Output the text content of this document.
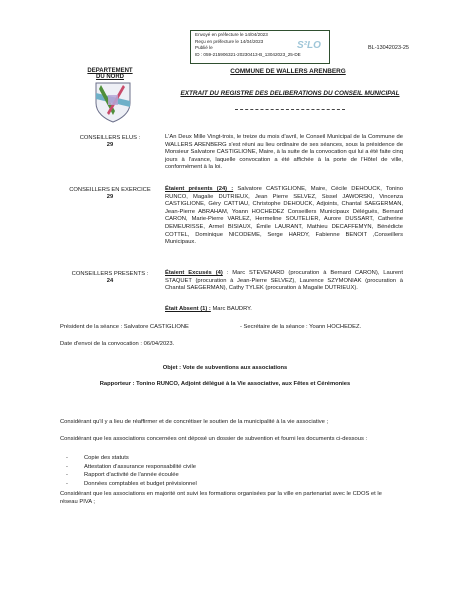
Envoyé en préfecture le 14/04/2023
Reçu en préfecture le 14/04/2023
Publié le
ID : 059-215906321-20230413-B_13042023_25-DE
S²LO	BL-13042023-25
DEPARTEMENT DU NORD
COMMUNE DE WALLERS ARENBERG
EXTRAIT DU REGISTRE DES DELIBERATIONS DU CONSEIL MUNICIPAL
CONSEILLERS ELUS :
29
L'An Deux Mille Vingt-trois, le treize du mois d'avril, le Conseil Municipal de la Commune de WALLERS ARENBERG s'est réuni au lieu ordinaire de ses séances, sous la présidence de Monsieur Salvatore CASTIGLIONE, Maire, à la suite de la convocation qui lui a été faite cinq jours à l'avance, laquelle convocation a été affichée à la porte de l'Hôtel de ville, conformément à la loi.
CONSEILLERS EN EXERCICE
29
Étaient présents (24) : Salvatore CASTIGLIONE, Maire, Cécile DEHOUCK, Tonino RUNCO, Magalie DUTRIEUX, Jean Pierre SELVEZ, Sissel JAWORSKI, Vincenza CASTIGLIONE, Géry CATTIAU, Christophe DEHOUCK, Adjoints, Chantal SAEGERMAN, Jean-Pierre ABRAHAM, Yoann HOCHEDEZ Conseillers Municipaux Délégués, Bernard CARON, Marie-Pierre VARLEZ, Hermeline SOUTELIER, Aurore DUSSART, Catherine DEMEURISSE, Armel BISIAUX, Émile LAURANT, Mathieu DECAFFEMYN, Bénédicte COTTEL, Dominique NICODEME, Serge HARDY, Fabienne BENOIT ,Conseillers Municipaux.
CONSEILLERS PRESENTS :
24
Étaient Excusés (4) : Marc STEVENARD (procuration à Bernard CARON), Laurent STAQUET (procuration à Jean-Pierre SELVEZ), Laurence SZYMONIAK (procuration à Chantal SAEGERMAN), Cathy TYLEK (procuration à Magalie DUTRIEUX).
Était Absent (1) : Marc BAUDRY.
Président de la séance : Salvatore CASTIGLIONE	- Secrétaire de la séance : Yoann HOCHEDEZ.
Date d'envoi de la convocation : 06/04/2023.
Objet : Vote de subventions aux associations
Rapporteur : Tonino RUNCO, Adjoint délégué à la Vie associative, aux Fêtes et Cérémonies
Considérant qu'il y a lieu de réaffirmer et de concrétiser le soutien de la municipalité à la vie associative ;
Considérant que les associations concernées ont déposé un dossier de subvention et fourni les documents ci-dessous :
- Copie des statuts
- Attestation d'assurance responsabilité civile
- Rapport d'activité de l'année écoulée
- Données comptables et budget prévisionnel
Considérant que les associations en majorité ont suivi les formations organisées par la ville en partenariat avec le CDOS et le réseau PIVA ;
